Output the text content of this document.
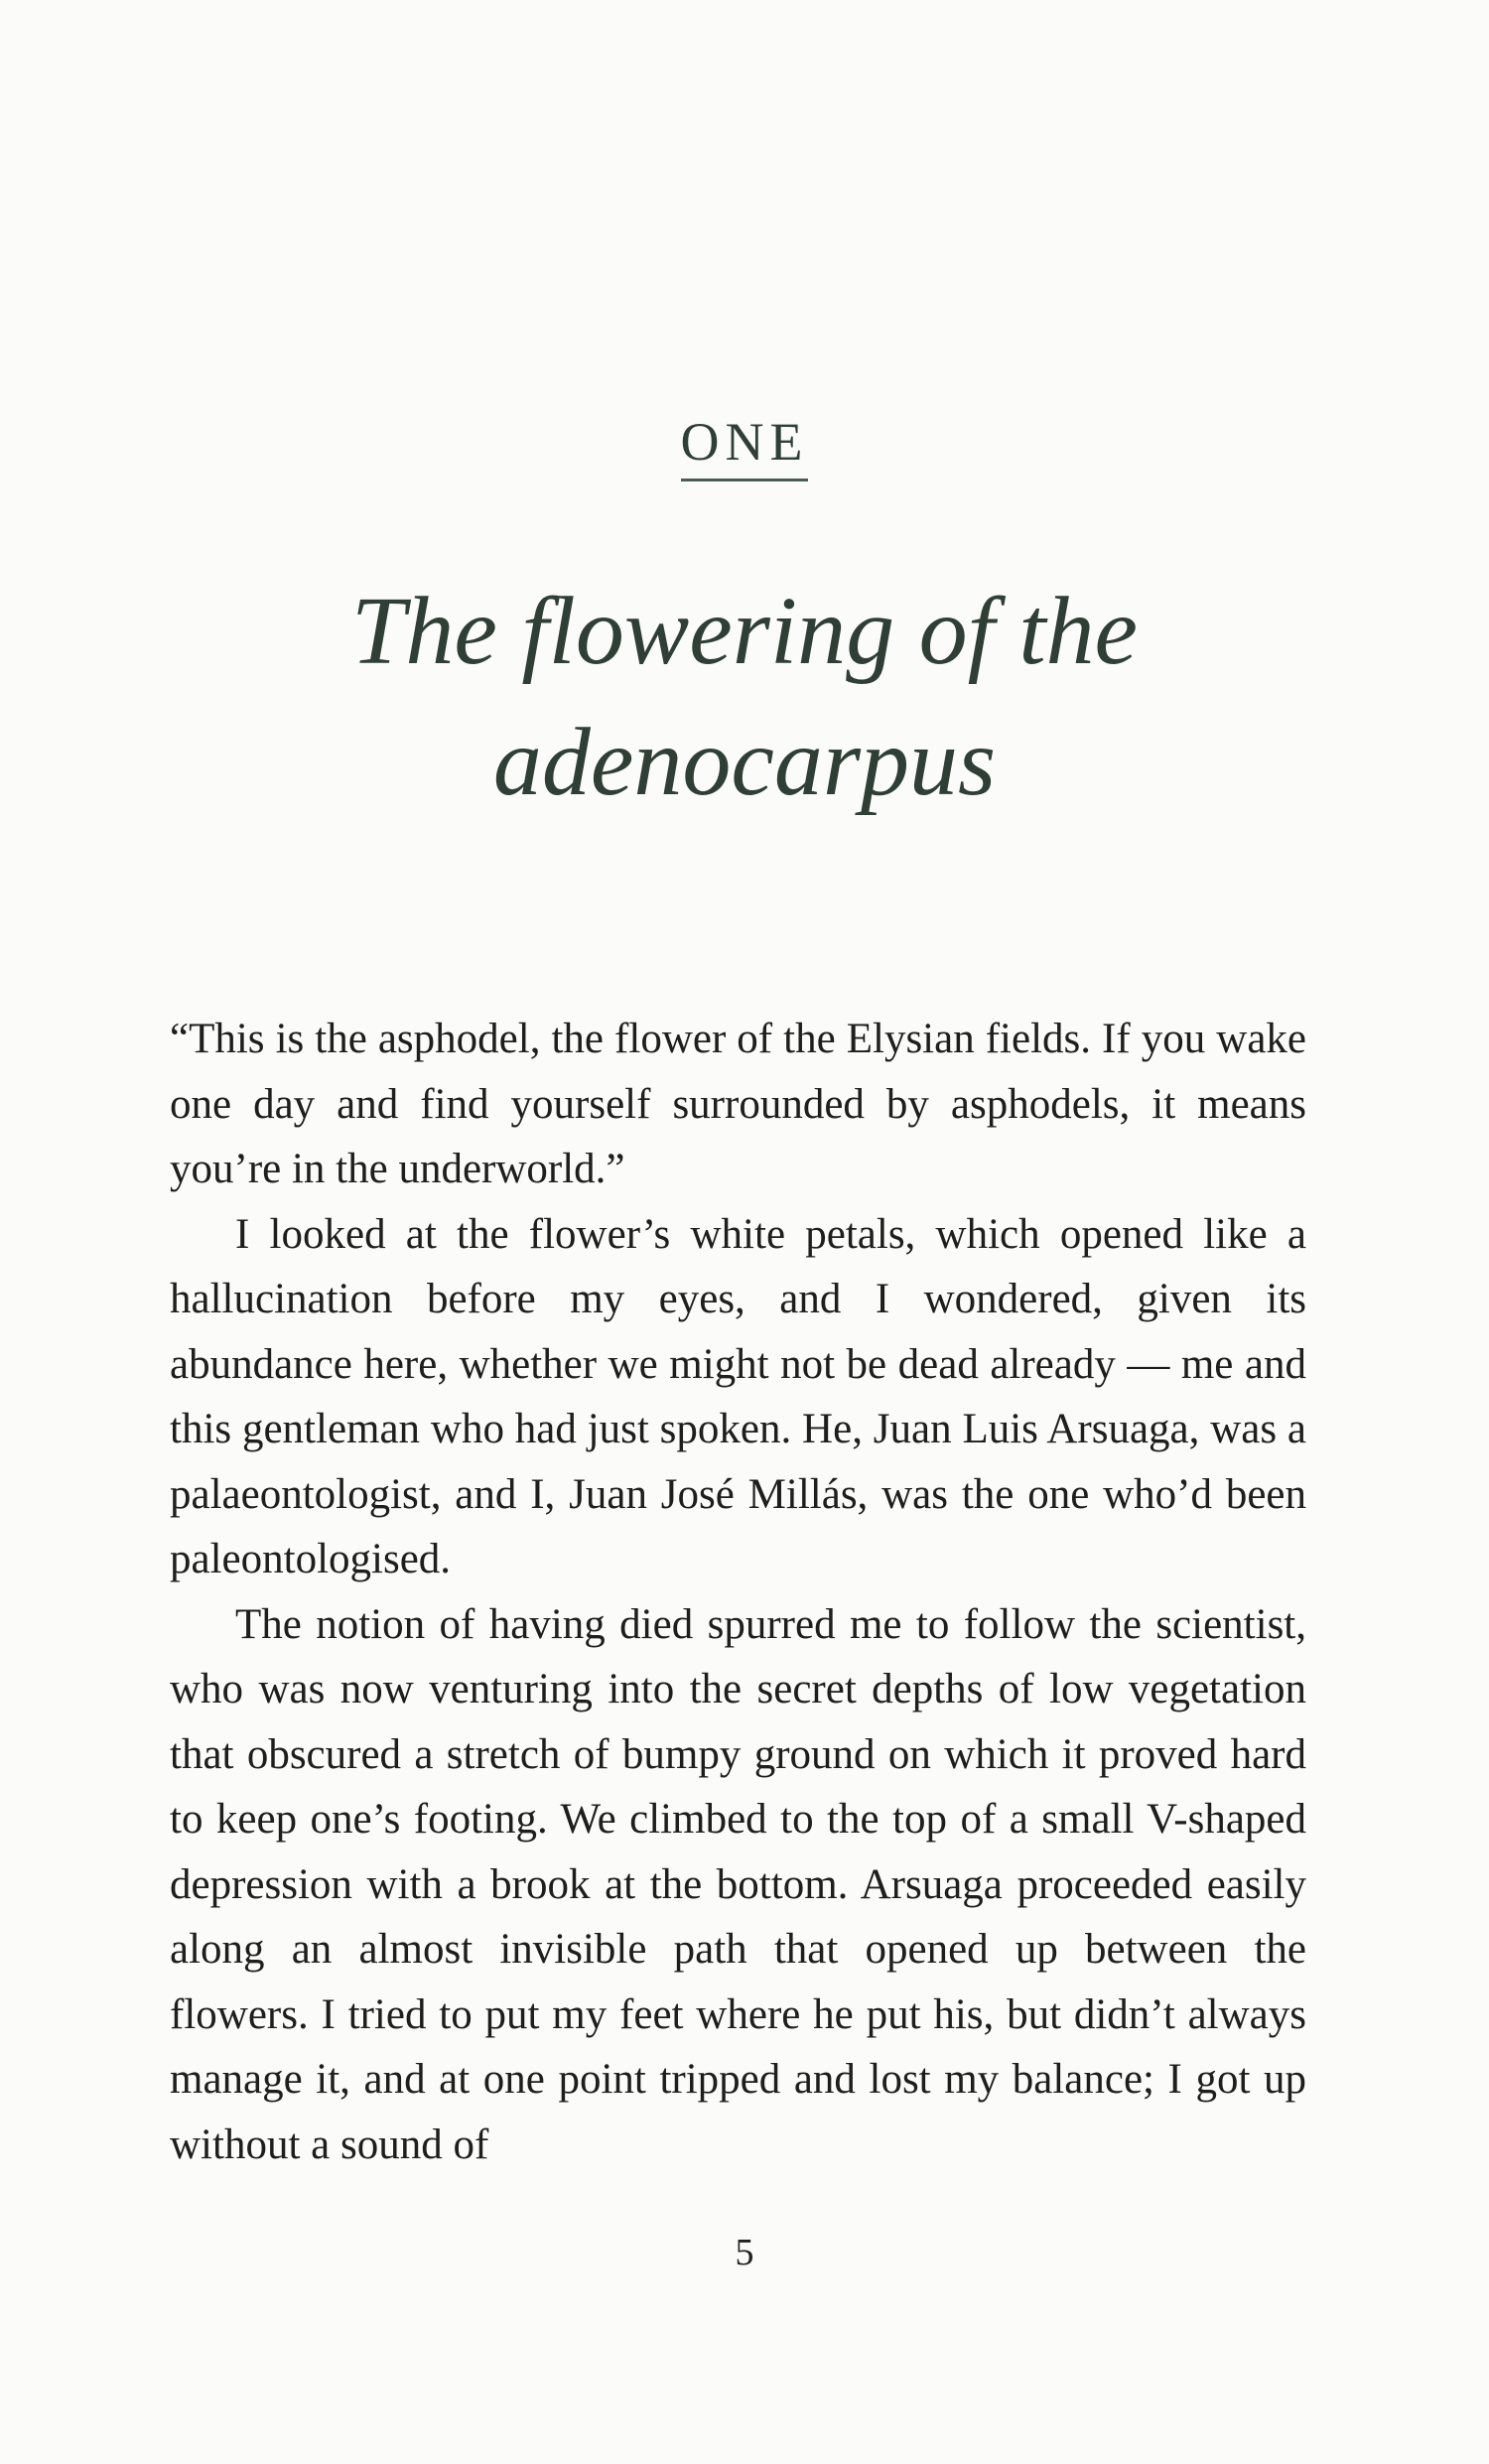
ONE
The flowering of the
adenocarpus

“This is the asphodel, the flower of the Elysian fields. If you wake one day and find yourself surrounded by asphodels, it means you’re in the underworld.”

I looked at the flower’s white petals, which opened like a hallucination before my eyes, and I wondered, given its abundance here, whether we might not be dead already — me and this gentleman who had just spoken. He, Juan Luis Arsuaga, was a palaeontologist, and I, Juan José Millás, was the one who’d been paleontologised.

The notion of having died spurred me to follow the scientist, who was now venturing into the secret depths of low vegetation that obscured a stretch of bumpy ground on which it proved hard to keep one’s footing. We climbed to the top of a small V-shaped depression with a brook at the bottom. Arsuaga proceeded easily along an almost invisible path that opened up between the flowers. I tried to put my feet where he put his, but didn’t always manage it, and at one point tripped and lost my balance; I got up without a sound of

5
